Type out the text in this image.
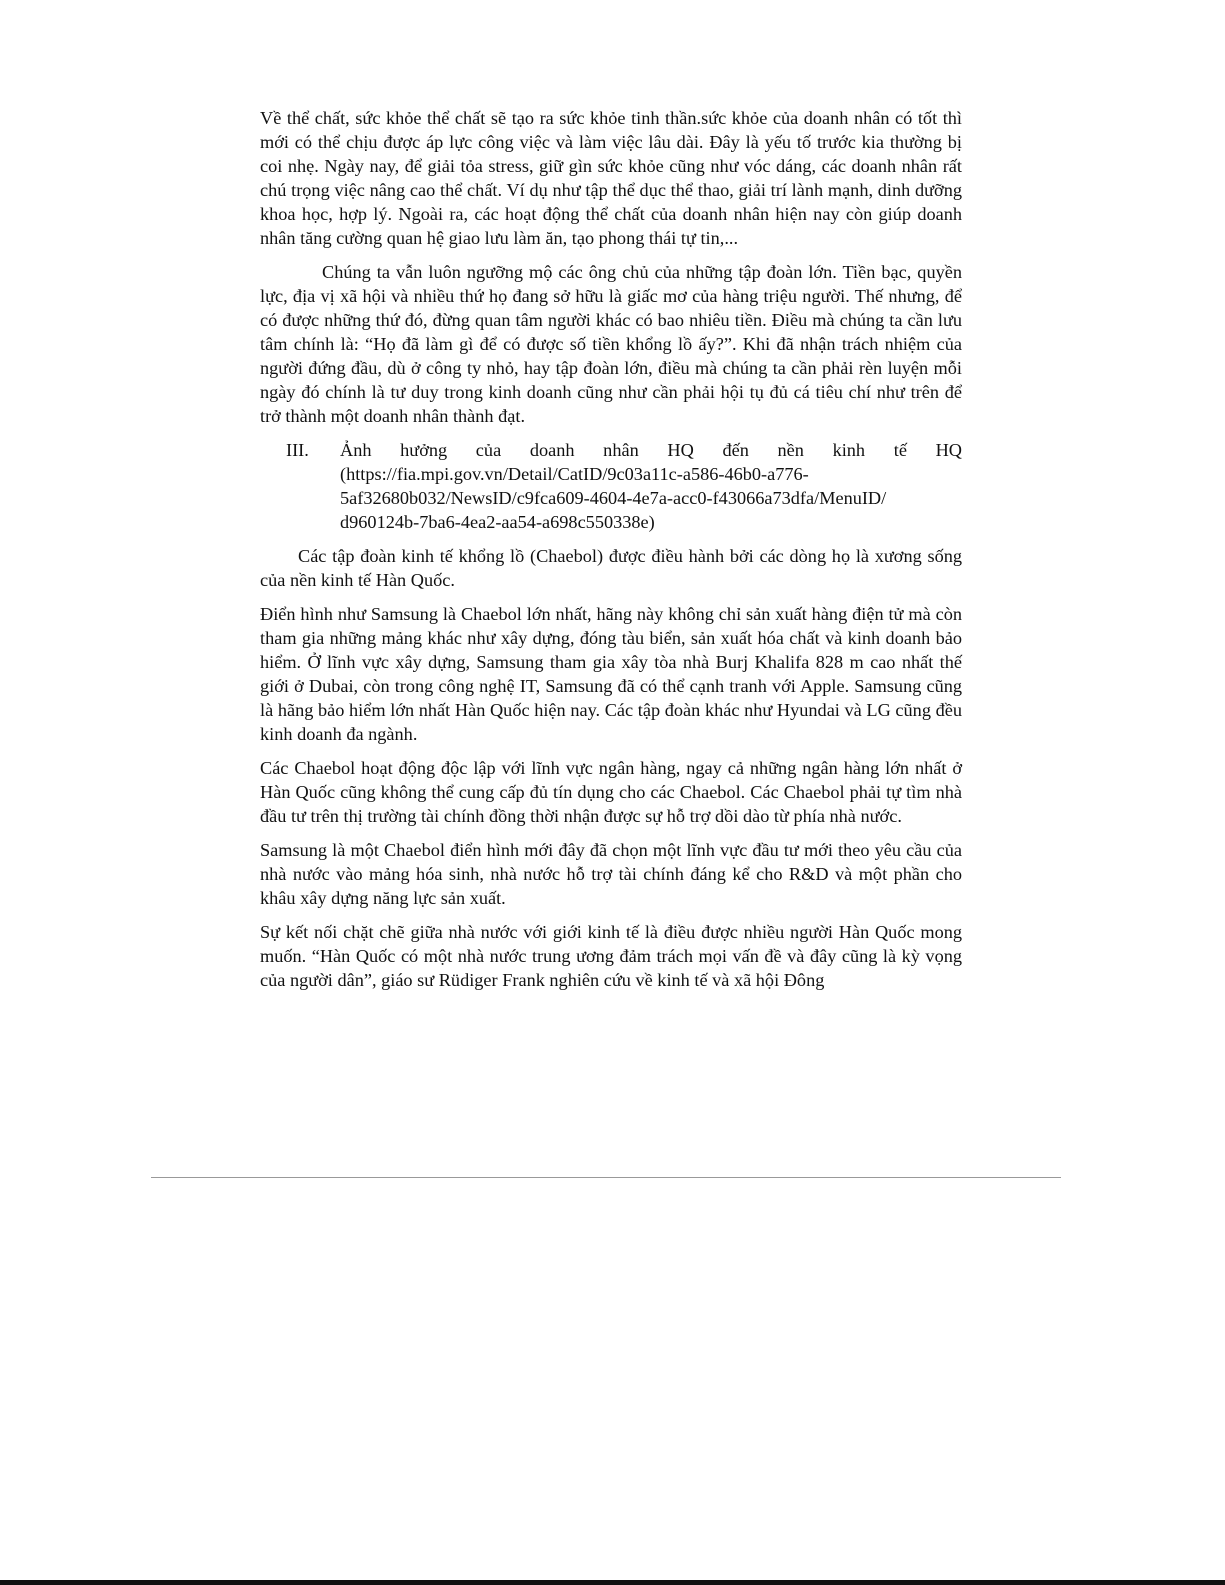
Về thể chất, sức khỏe thể chất sẽ tạo ra sức khỏe tinh thần.sức khỏe của doanh nhân có tốt thì mới có thể chịu được áp lực công việc và làm việc lâu dài. Đây là yếu tố trước kia thường bị coi nhẹ. Ngày nay, để giải tỏa stress, giữ gìn sức khỏe cũng như vóc dáng, các doanh nhân rất chú trọng việc nâng cao thể chất. Ví dụ như tập thể dục thể thao, giải trí lành mạnh, dinh dưỡng khoa học, hợp lý. Ngoài ra, các hoạt động thể chất của doanh nhân hiện nay còn giúp doanh nhân tăng cường quan hệ giao lưu làm ăn, tạo phong thái tự tin,...

Chúng ta vẫn luôn ngưỡng mộ các ông chủ của những tập đoàn lớn. Tiền bạc, quyền lực, địa vị xã hội và nhiều thứ họ đang sở hữu là giấc mơ của hàng triệu người. Thế nhưng, để có được những thứ đó, đừng quan tâm người khác có bao nhiêu tiền. Điều mà chúng ta cần lưu tâm chính là: “Họ đã làm gì để có được số tiền khổng lồ ấy?”. Khi đã nhận trách nhiệm của người đứng đầu, dù ở công ty nhỏ, hay tập đoàn lớn, điều mà chúng ta cần phải rèn luyện mỗi ngày đó chính là tư duy trong kinh doanh cũng như cần phải hội tụ đủ cá tiêu chí như trên để trở thành một doanh nhân thành đạt.

III. Ảnh hưởng của doanh nhân HQ đến nền kinh tế HQ
(https://fia.mpi.gov.vn/Detail/CatID/9c03a11c-a586-46b0-a776-
5af32680b032/NewsID/c9fca609-4604-4e7a-acc0-f43066a73dfa/MenuID/
d960124b-7ba6-4ea2-aa54-a698c550338e)

Các tập đoàn kinh tế khổng lồ (Chaebol) được điều hành bởi các dòng họ là xương sống của nền kinh tế Hàn Quốc.

Điển hình như Samsung là Chaebol lớn nhất, hãng này không chỉ sản xuất hàng điện tử mà còn tham gia những mảng khác như xây dựng, đóng tàu biển, sản xuất hóa chất và kinh doanh bảo hiểm. Ở lĩnh vực xây dựng, Samsung tham gia xây tòa nhà Burj Khalifa 828 m cao nhất thế giới ở Dubai, còn trong công nghệ IT, Samsung đã có thể cạnh tranh với Apple. Samsung cũng là hãng bảo hiểm lớn nhất Hàn Quốc hiện nay. Các tập đoàn khác như Hyundai và LG cũng đều kinh doanh đa ngành.

Các Chaebol hoạt động độc lập với lĩnh vực ngân hàng, ngay cả những ngân hàng lớn nhất ở Hàn Quốc cũng không thể cung cấp đủ tín dụng cho các Chaebol. Các Chaebol phải tự tìm nhà đầu tư trên thị trường tài chính đồng thời nhận được sự hỗ trợ dồi dào từ phía nhà nước.

Samsung là một Chaebol điển hình mới đây đã chọn một lĩnh vực đầu tư mới theo yêu cầu của nhà nước vào mảng hóa sinh, nhà nước hỗ trợ tài chính đáng kể cho R&D và một phần cho khâu xây dựng năng lực sản xuất.

Sự kết nối chặt chẽ giữa nhà nước với giới kinh tế là điều được nhiều người Hàn Quốc mong muốn. “Hàn Quốc có một nhà nước trung ương đảm trách mọi vấn đề và đây cũng là kỳ vọng của người dân”, giáo sư Rüdiger Frank nghiên cứu về kinh tế và xã hội Đông
